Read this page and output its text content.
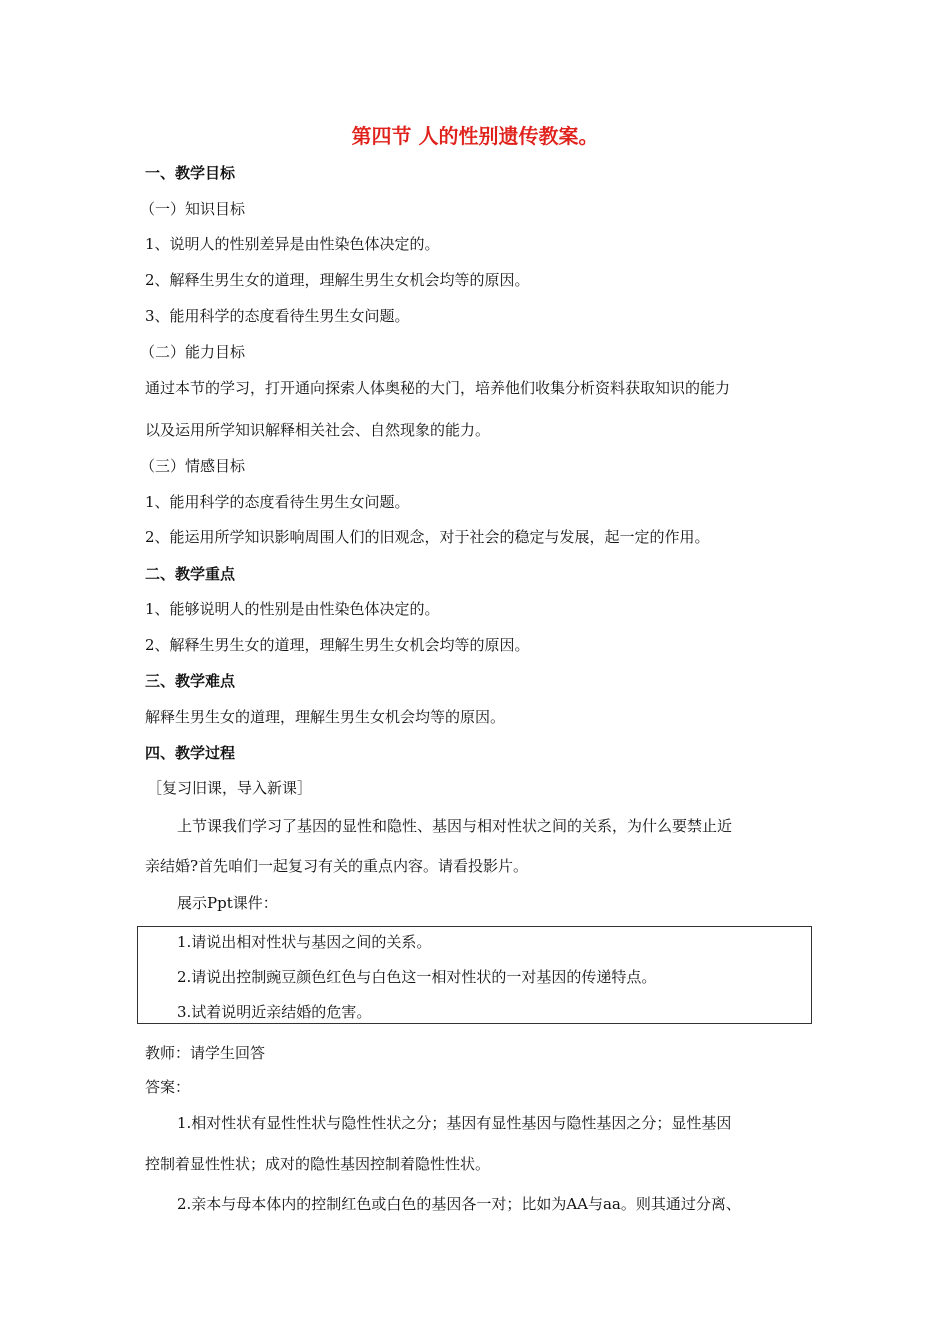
第四节 人的性别遗传教案。
一、教学目标
（一）知识目标
1、说明人的性别差异是由性染色体决定的。
2、解释生男生女的道理，理解生男生女机会均等的原因。
3、能用科学的态度看待生男生女问题。
（二）能力目标
通过本节的学习，打开通向探索人体奥秘的大门，培养他们收集分析资料获取知识的能力
以及运用所学知识解释相关社会、自然现象的能力。
（三）情感目标
1、能用科学的态度看待生男生女问题。
2、能运用所学知识影响周围人们的旧观念，对于社会的稳定与发展，起一定的作用。
二、教学重点
1、能够说明人的性别是由性染色体决定的。
2、解释生男生女的道理，理解生男生女机会均等的原因。
三、教学难点
解释生男生女的道理，理解生男生女机会均等的原因。
四、教学过程
［复习旧课，导入新课］
上节课我们学习了基因的显性和隐性、基因与相对性状之间的关系，为什么要禁止近
亲结婚?首先咱们一起复习有关的重点内容。请看投影片。
展示Ppt课件：
1.请说出相对性状与基因之间的关系。
2.请说出控制豌豆颜色红色与白色这一相对性状的一对基因的传递特点。
3.试着说明近亲结婚的危害。
教师：请学生回答
答案：
1.相对性状有显性性状与隐性性状之分；基因有显性基因与隐性基因之分；显性基因
控制着显性性状；成对的隐性基因控制着隐性性状。
2.亲本与母本体内的控制红色或白色的基因各一对；比如为AA与aa。则其通过分离、
